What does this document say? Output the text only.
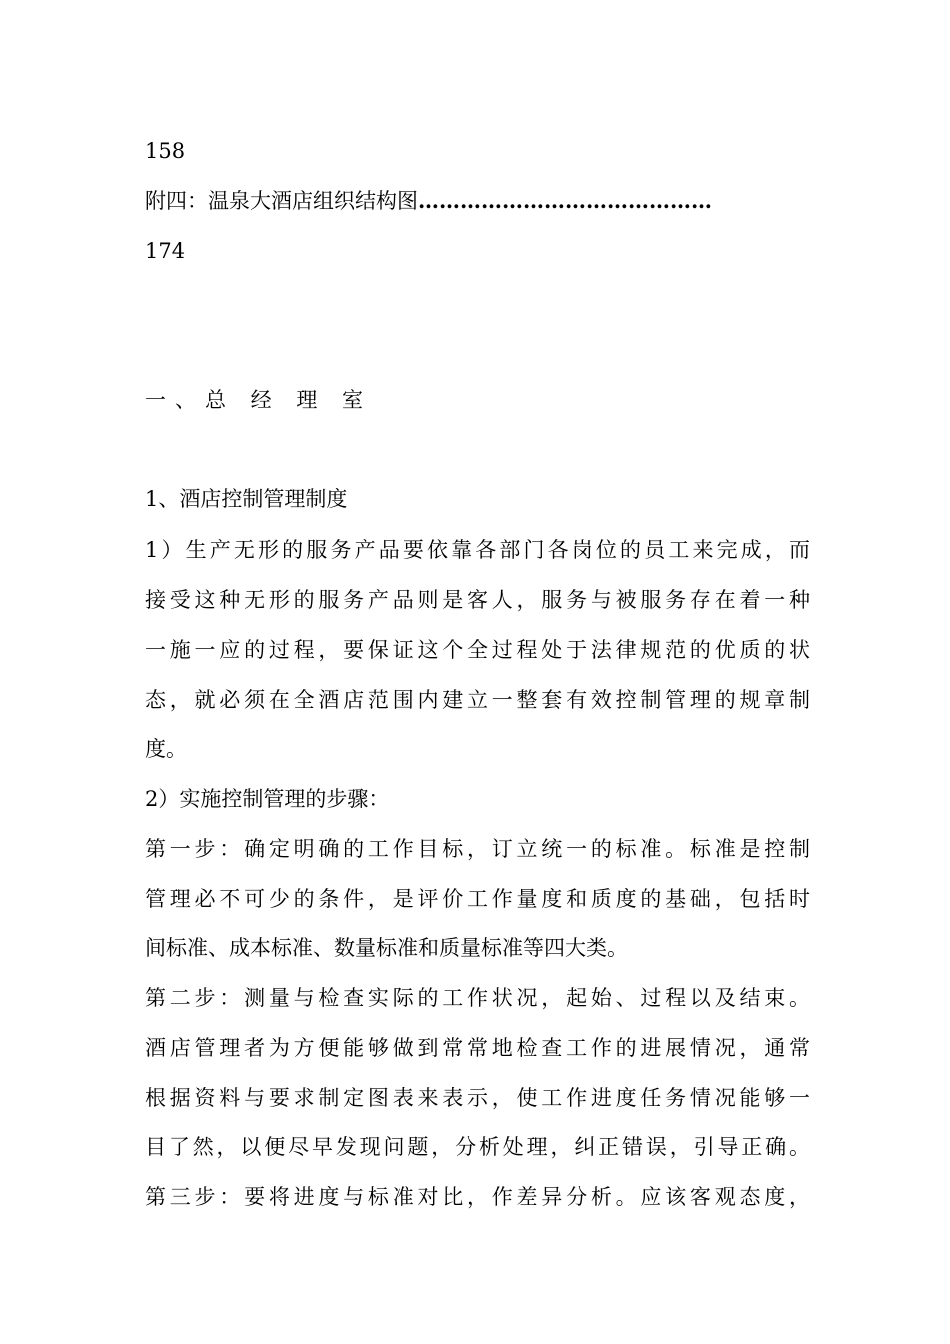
158
附四：温泉大酒店组织结构图 ……………………………………
174
一、总 经 理 室
1、酒店控制管理制度
1）生产无形的服务产品要依靠各部门各岗位的员工来完成，而
接受这种无形的服务产品则是客人，服务与被服务存在着一种
一施一应的过程，要保证这个全过程处于法律规范的优质的状
态，就必须在全酒店范围内建立一整套有效控制管理的规章制
度。
2）实施控制管理的步骤：
第一步：确定明确的工作目标，订立统一的标准。标准是控制
管理必不可少的条件，是评价工作量度和质度的基础，包括时
间标准、成本标准、数量标准和质量标准等四大类。
第二步：测量与检查实际的工作状况，起始、过程以及结束。
酒店管理者为方便能够做到常常地检查工作的进展情况，通常
根据资料与要求制定图表来表示，使工作进度任务情况能够一
目了然，以便尽早发现问题，分析处理，纠正错误，引导正确。
第三步：要将进度与标准对比，作差异分析。应该客观态度，
